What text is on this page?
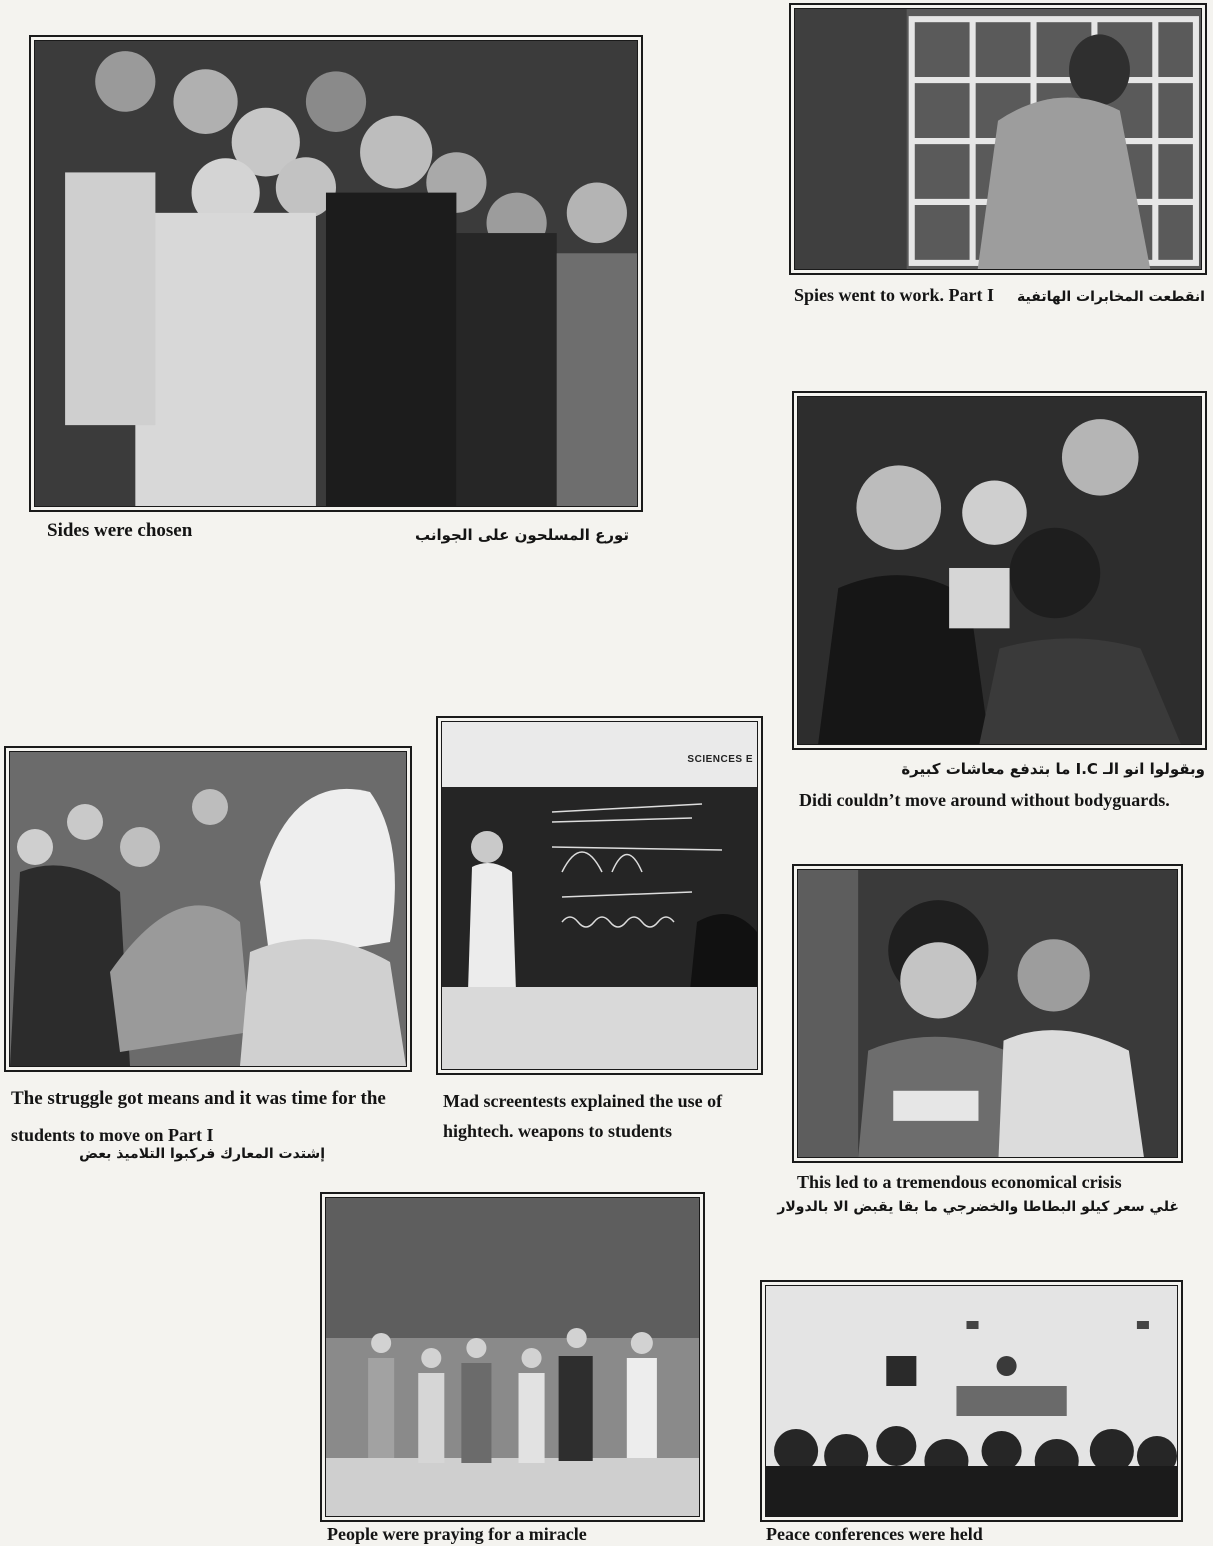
Sides were chosen	تورع المسلحون على الجوانب
Spies went to work. Part I انقطعت المخابرات الهاتفية
وبقولوا انو الـ I.C ما بتدفع معاشات كبيرة
Didi couldn’t move around without bodyguards.
The struggle got means and it was time for the
students to move on Part I
إشتدت المعارك فركبوا التلاميذ بعض
SCIENCES E
Mad screentests explained the use of
hightech. weapons to students
This led to a tremendous economical crisis
غلي سعر كيلو البطاطا والخضرجي ما بقا يقبض الا بالدولار
People were praying for a miracle	Peace conferences were held
